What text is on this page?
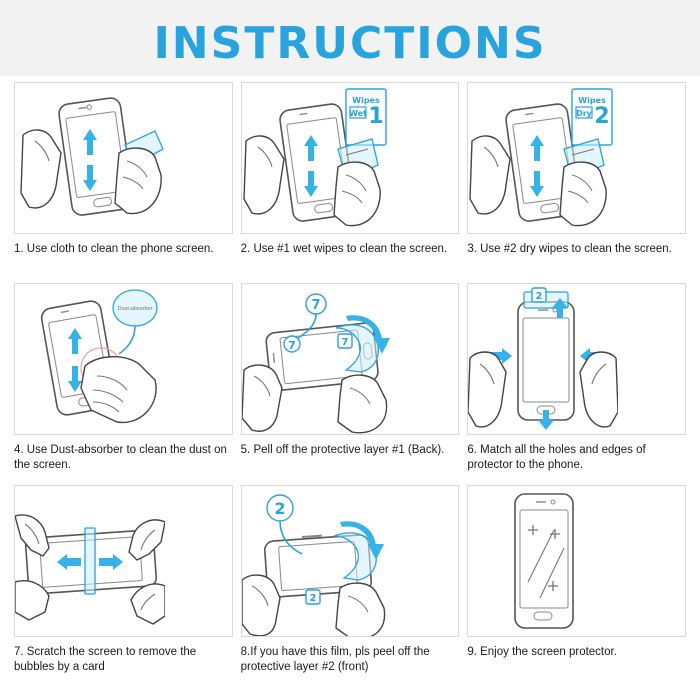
INSTRUCTIONS
1. Use cloth to clean the phone screen.
Wipes
Wet 1
2. Use #1 wet wipes to clean the screen.
Wipes
Dry 2
3. Use #2 dry wipes to clean the screen.
Dust-absorber
4. Use Dust-absorber to clean the dust on the screen.
7
7	7
5. Pell off the protective layer #1 (Back).
2
6. Match all the holes and edges of protector to the phone.
7. Scratch the screen to remove the bubbles by a card
2
2
8.If you have this film, pls peel off the protective layer #2 (front)
9. Enjoy the screen protector.
